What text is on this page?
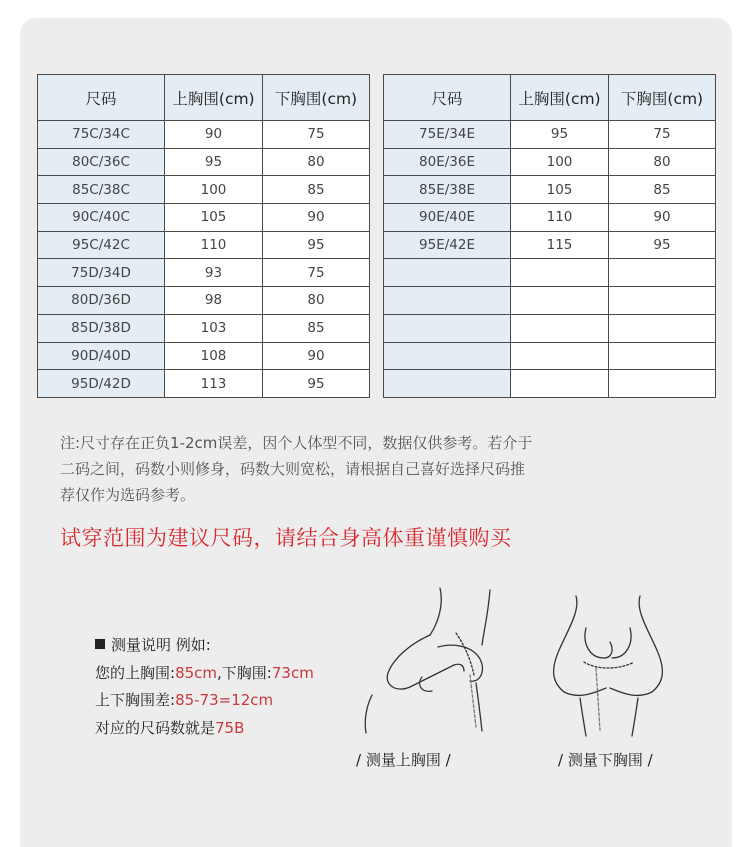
尺码	上胸围(cm)	下胸围(cm)
75C/34C	90	75
80C/36C	95	80
85C/38C	100	85
90C/40C	105	90
95C/42C	110	95
75D/34D	93	75
80D/36D	98	80
85D/38D	103	85
90D/40D	108	90
95D/42D	113	95
尺码	上胸围(cm)	下胸围(cm)
75E/34E	95	75
80E/36E	100	80
85E/38E	105	85
90E/40E	110	90
95E/42E	115	95

注:尺寸存在正负1-2cm误差，因个人体型不同，数据仅供参考。若介于
二码之间，码数小则修身，码数大则宽松，请根据自己喜好选择尺码推
荐仅作为选码参考。
试穿范围为建议尺码，请结合身高体重谨慎购买
测量说明 例如:
您的上胸围:85cm,下胸围:73cm
上下胸围差:85-73=12cm
对应的尺码数就是75B
/ 测量上胸围 /	/ 测量下胸围 /
